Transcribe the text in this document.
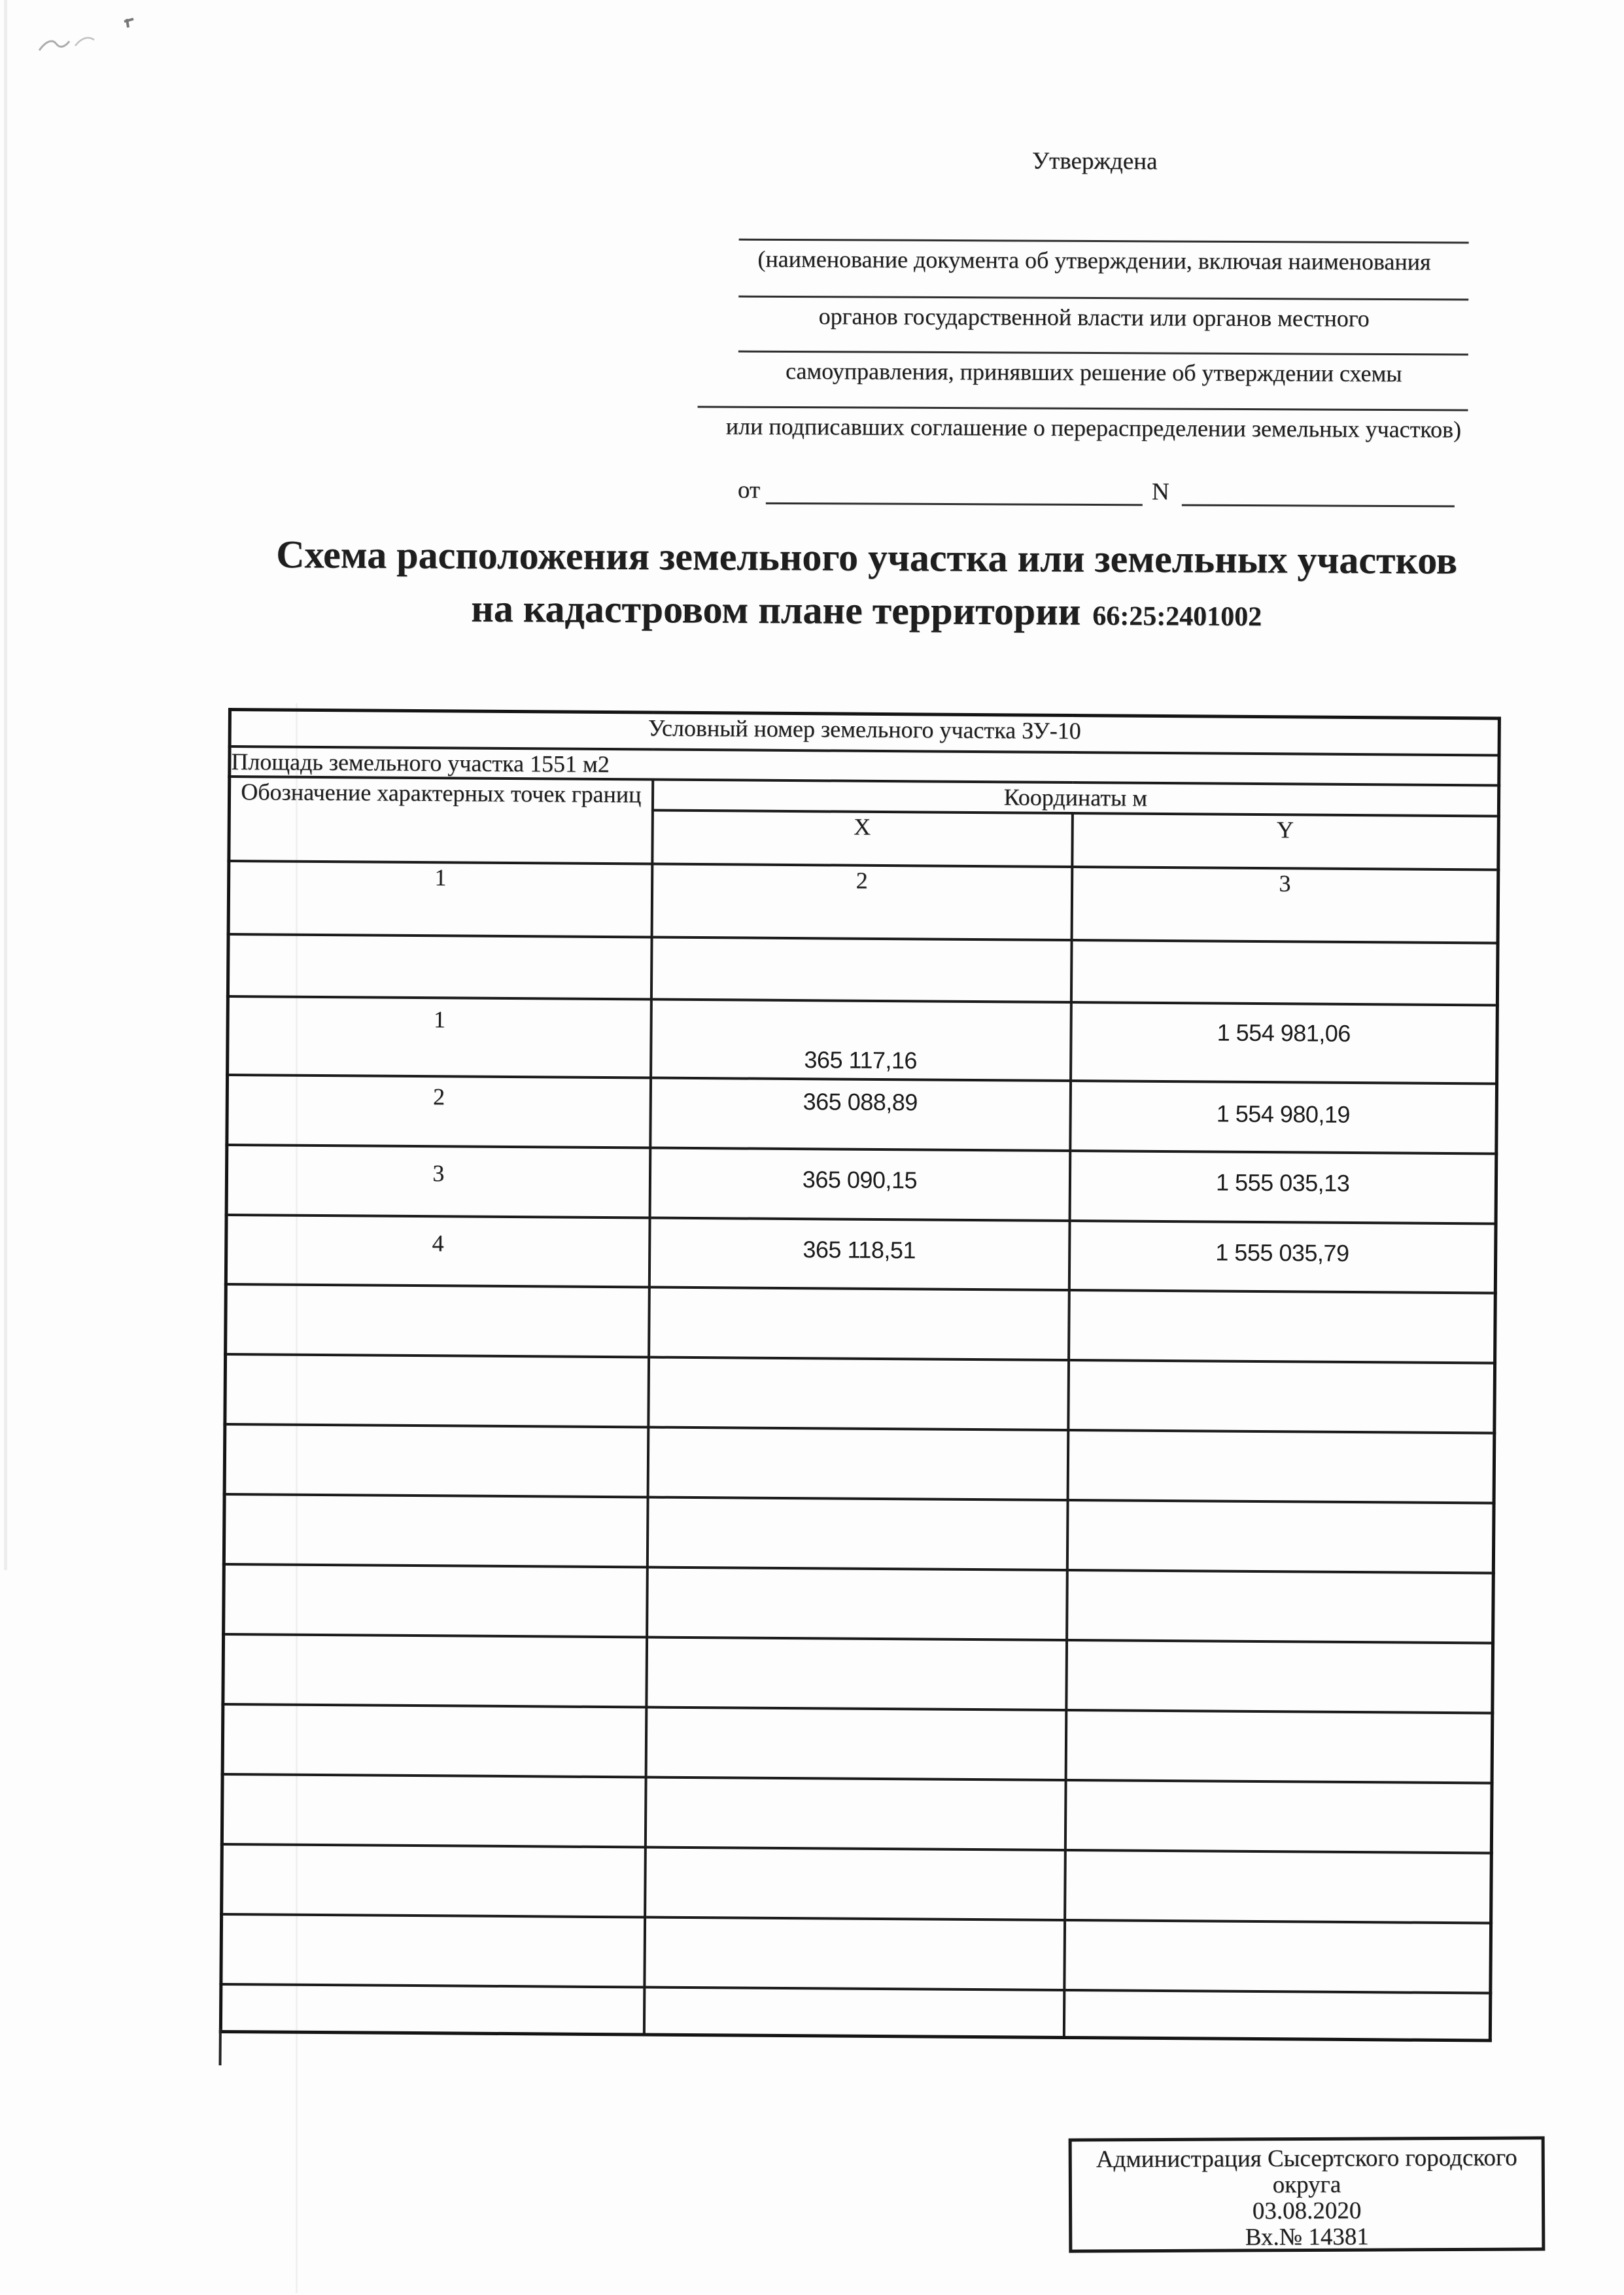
Утверждена
(наименование документа об утверждении, включая наименования
органов государственной власти или органов местного
самоуправления, принявших решение об утверждении схемы
или подписавших соглашение о перераспределении земельных участков)
от	N
Схема расположения земельного участка или земельных участков
на кадастровом плане территории 66:25:2401002
Условный номер земельного участка ЗУ-10		
Площадь земельного участка 1551 м2		
Обозначение характерных точек границ	Координаты м	
	X	Y
1	2	3

1	365 117,16	1 554 981,06
2	365 088,89	1 554 980,19
3	365 090,15	1 555 035,13
4	365 118,51	1 555 035,79

Администрация Сысертского городского
округа
03.08.2020
Вх.№ 14381
